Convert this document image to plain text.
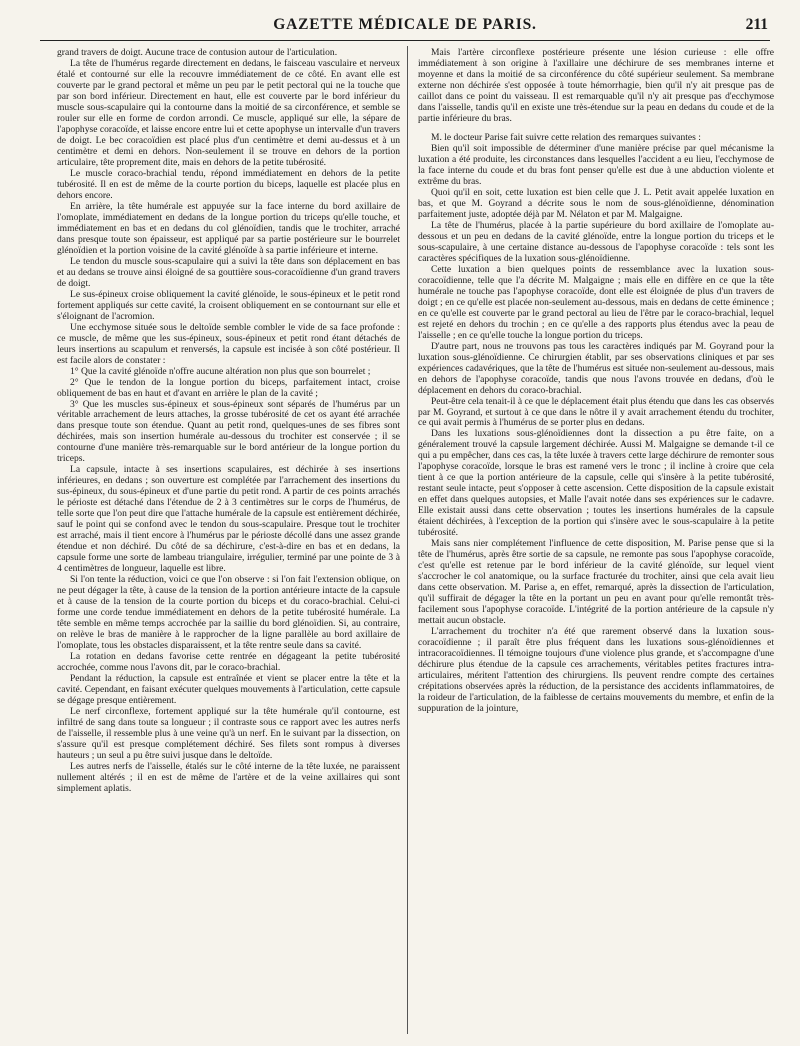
GAZETTE MÉDICALE DE PARIS.	211

grand travers de doigt. Aucune trace de contusion autour de l'articulation.

La tête de l'humérus regarde directement en dedans, le faisceau vasculaire et nerveux étalé et contourné sur elle la recouvre immédiatement de ce côté. En avant elle est couverte par le grand pectoral et même un peu par le petit pectoral qui ne la touche que par son bord inférieur. Directement en haut, elle est couverte par le bord inférieur du muscle sous-scapulaire qui la contourne dans la moitié de sa circonférence, et semble se rouler sur elle en forme de cordon arrondi. Ce muscle, appliqué sur elle, la sépare de l'apophyse coracoïde, et laisse encore entre lui et cette apophyse un intervalle d'un travers de doigt. Le bec coracoïdien est placé plus d'un centimètre et demi au-dessus et à un centimètre et demi en dehors. Non-seulement il se trouve en dehors de la portion articulaire, tête proprement dite, mais en dehors de la petite tubérosité.

Le muscle coraco-brachial tendu, répond immédiatement en dehors de la petite tubérosité. Il en est de même de la courte portion du biceps, laquelle est placée plus en dehors encore.

En arrière, la tête humérale est appuyée sur la face interne du bord axillaire de l'omoplate, immédiatement en dedans de la longue portion du triceps qu'elle touche, et immédiatement en bas et en dedans du col glénoïdien, tandis que le trochiter, arraché dans presque toute son épaisseur, est appliqué par sa partie postérieure sur le bourrelet glénoïdien et la portion voisine de la cavité glénoïde à sa partie inférieure et interne.

Le tendon du muscle sous-scapulaire qui a suivi la tête dans son déplacement en bas et au dedans se trouve ainsi éloigné de sa gouttière sous-coracoïdienne d'un grand travers de doigt.

Le sus-épineux croise obliquement la cavité glénoïde, le sous-épineux et le petit rond fortement appliqués sur cette cavité, la croisent obliquement en se contournant sur elle et s'éloignant de l'acromion.

Une ecchymose située sous le deltoïde semble combler le vide de sa face profonde : ce muscle, de même que les sus-épineux, sous-épineux et petit rond étant détachés de leurs insertions au scapulum et renversés, la capsule est incisée à son côté postérieur. Il est facile alors de constater :

1° Que la cavité glénoïde n'offre aucune altération non plus que son bourrelet ;

2° Que le tendon de la longue portion du biceps, parfaitement intact, croise obliquement de bas en haut et d'avant en arrière le plan de la cavité ;

3° Que les muscles sus-épineux et sous-épineux sont séparés de l'humérus par un véritable arrachement de leurs attaches, la grosse tubérosité de cet os ayant été arrachée dans presque toute son étendue. Quant au petit rond, quelques-unes de ses fibres sont déchirées, mais son insertion humérale au-dessous du trochiter est conservée ; il se contourne d'une manière très-remarquable sur le bord antérieur de la longue portion du triceps.

La capsule, intacte à ses insertions scapulaires, est déchirée à ses insertions inférieures, en dedans ; son ouverture est complétée par l'arrachement des insertions du sus-épineux, du sous-épineux et d'une partie du petit rond. A partir de ces points arrachés le périoste est détaché dans l'étendue de 2 à 3 centimètres sur le corps de l'humérus, de telle sorte que l'on peut dire que l'attache humérale de la capsule est entièrement déchirée, sauf le point qui se confond avec le tendon du sous-scapulaire. Presque tout le trochiter est arraché, mais il tient encore à l'humérus par le périoste décollé dans une assez grande étendue et non déchiré. Du côté de sa déchirure, c'est-à-dire en bas et en dedans, la capsule forme une sorte de lambeau triangulaire, irrégulier, terminé par une pointe de 3 à 4 centimètres de longueur, laquelle est libre.

Si l'on tente la réduction, voici ce que l'on observe : si l'on fait l'extension oblique, on ne peut dégager la tête, à cause de la tension de la portion antérieure intacte de la capsule et à cause de la tension de la courte portion du biceps et du coraco-brachial. Celui-ci forme une corde tendue immédiatement en dehors de la petite tubérosité humérale. La tête semble en même temps accrochée par la saillie du bord glénoïdien. Si, au contraire, on relève le bras de manière à le rapprocher de la ligne parallèle au bord axillaire de l'omoplate, tous les obstacles disparaissent, et la tête rentre seule dans sa cavité.

La rotation en dedans favorise cette rentrée en dégageant la petite tubérosité accrochée, comme nous l'avons dit, par le coraco-brachial.

Pendant la réduction, la capsule est entraînée et vient se placer entre la tête et la cavité. Cependant, en faisant exécuter quelques mouvements à l'articulation, cette capsule se dégage presque entièrement.

Le nerf circonflexe, fortement appliqué sur la tête humérale qu'il contourne, est infiltré de sang dans toute sa longueur ; il contraste sous ce rapport avec les autres nerfs de l'aisselle, il ressemble plus à une veine qu'à un nerf. En le suivant par la dissection, on s'assure qu'il est presque complétement déchiré. Ses filets sont rompus à diverses hauteurs ; un seul a pu être suivi jusque dans le deltoïde.

Les autres nerfs de l'aisselle, étalés sur le côté interne de la tête luxée, ne paraissent nullement altérés ; il en est de même de l'artère et de la veine axillaires qui sont simplement aplatis.

Mais l'artère circonflexe postérieure présente une lésion curieuse : elle offre immédiatement à son origine à l'axillaire une déchirure de ses membranes interne et moyenne et dans la moitié de sa circonférence du côté supérieur seulement. Sa membrane externe non déchirée s'est opposée à toute hémorrhagie, bien qu'il n'y ait presque pas de caillot dans ce point du vaisseau. Il est remarquable qu'il n'y ait presque pas d'ecchymose dans l'aisselle, tandis qu'il en existe une très-étendue sur la peau en dedans du coude et de la partie inférieure du bras.

M. le docteur Parise fait suivre cette relation des remarques suivantes :

Bien qu'il soit impossible de déterminer d'une manière précise par quel mécanisme la luxation a été produite, les circonstances dans lesquelles l'accident a eu lieu, l'ecchymose de la face interne du coude et du bras font penser qu'elle est due à une abduction violente et extrême du bras.

Quoi qu'il en soit, cette luxation est bien celle que J. L. Petit avait appelée luxation en bas, et que M. Goyrand a décrite sous le nom de sous-glénoïdienne, dénomination parfaitement juste, adoptée déjà par M. Nélaton et par M. Malgaigne.

La tête de l'humérus, placée à la partie supérieure du bord axillaire de l'omoplate au-dessous et un peu en dedans de la cavité glénoïde, entre la longue portion du triceps et le sous-scapulaire, à une certaine distance au-dessous de l'apophyse coracoïde : tels sont les caractères spécifiques de la luxation sous-glénoïdienne.

Cette luxation a bien quelques points de ressemblance avec la luxation sous-coracoïdienne, telle que l'a décrite M. Malgaigne ; mais elle en diffère en ce que la tête humérale ne touche pas l'apophyse coracoïde, dont elle est éloignée de plus d'un travers de doigt ; en ce qu'elle est placée non-seulement au-dessous, mais en dedans de cette éminence ; en ce qu'elle est couverte par le grand pectoral au lieu de l'être par le coraco-brachial, lequel est rejeté en dehors du trochin ; en ce qu'elle a des rapports plus étendus avec la peau de l'aisselle ; en ce qu'elle touche la longue portion du triceps.

D'autre part, nous ne trouvons pas tous les caractères indiqués par M. Goyrand pour la luxation sous-glénoïdienne. Ce chirurgien établit, par ses observations cliniques et par ses expériences cadavériques, que la tête de l'humérus est située non-seulement au-dessous, mais en dehors de l'apophyse coracoïde, tandis que nous l'avons trouvée en dedans, d'où le déplacement en dehors du coraco-brachial.

Peut-être cela tenait-il à ce que le déplacement était plus étendu que dans les cas observés par M. Goyrand, et surtout à ce que dans le nôtre il y avait arrachement étendu du trochiter, ce qui avait permis à l'humérus de se porter plus en dedans.

Dans les luxations sous-glénoïdiennes dont la dissection a pu être faite, on a généralement trouvé la capsule largement déchirée. Aussi M. Malgaigne se demande t-il ce qui a pu empêcher, dans ces cas, la tête luxée à travers cette large déchirure de remonter sous l'apophyse coracoïde, lorsque le bras est ramené vers le tronc ; il incline à croire que cela tient à ce que la portion antérieure de la capsule, celle qui s'insère à la petite tubérosité, restant seule intacte, peut s'opposer à cette ascension. Cette disposition de la capsule existait en effet dans quelques autopsies, et Malle l'avait notée dans ses expériences sur le cadavre. Elle existait aussi dans cette observation ; toutes les insertions humérales de la capsule étaient déchirées, à l'exception de la portion qui s'insère avec le sous-scapulaire à la petite tubérosité.

Mais sans nier complétement l'influence de cette disposition, M. Parise pense que si la tête de l'humérus, après être sortie de sa capsule, ne remonte pas sous l'apophyse coracoïde, c'est qu'elle est retenue par le bord inférieur de la cavité glénoïde, sur lequel vient s'accrocher le col anatomique, ou la surface fracturée du trochiter, ainsi que cela avait lieu dans cette observation. M. Parise a, en effet, remarqué, après la dissection de l'articulation, qu'il suffirait de dégager la tête en la portant un peu en avant pour qu'elle remontât très-facilement sous l'apophyse coracoïde. L'intégrité de la portion antérieure de la capsule n'y mettait aucun obstacle.

L'arrachement du trochiter n'a été que rarement observé dans la luxation sous-coracoïdienne ; il paraît être plus fréquent dans les luxations sous-glénoïdiennes et intracoracoïdiennes. Il témoigne toujours d'une violence plus grande, et s'accompagne d'une déchirure plus étendue de la capsule ces arrachements, véritables petites fractures intra-articulaires, méritent l'attention des chirurgiens. Ils peuvent rendre compte des certaines crépitations observées après la réduction, de la persistance des accidents inflammatoires, de la roideur de l'articulation, de la faiblesse de certains mouvements du membre, et enfin de la suppuration de la jointure,
